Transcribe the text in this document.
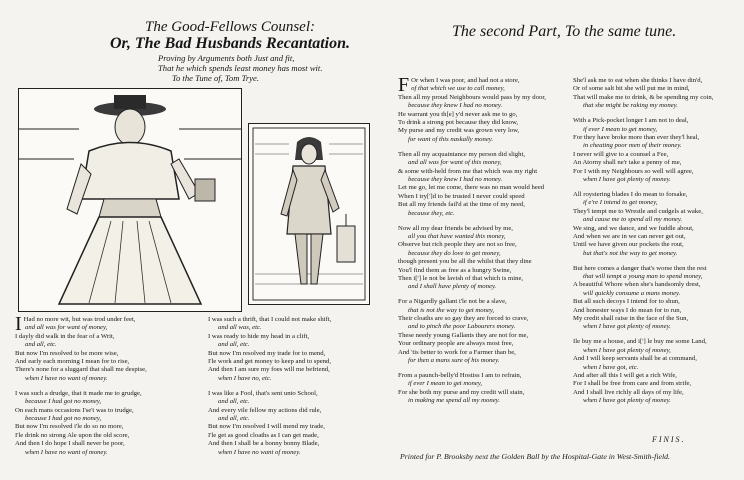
The Good-Fellows Counsel:
Or, The Bad Husbands Recantation.
Proving by Arguments both Just and fit,
That he which spends least money has most wit.
To the Tune of, Tom Trye.
I Had no more wit, but was trod under feet,
and all was for want of money,
I dayly did walk in the fear of a Writ,
and all, etc.
But now I'm resolved to be more wise,
And early each morning I mean for to rise,
There's none for a sluggard that shall me despise,
when I have no want of money.
I was such a drudge, that it made me to grudge,
because I had got no money,
On each mans occasions I'se't was to trudge,
because I had got no money,
But now I'm resolved i'le do so no more,
I'le drink no strong Ale upon the old score,
And then I do hope I shall never be poor,
when I have no want of money.
I was such a thrift, that I could not make shift,
and all was, etc.
I was ready to hide my head in a clift,
and all, etc.
But now I'm resolved my trade for to mend,
I'le work and get money to keep and to spend,
And then I am sure my foes will me befriend,
when I have no, etc.
I was like a Fool, that's sent unto School,
and all, etc.
And every vile fellow my actions did rule,
and all, etc.
But now I'm resolved I will mend my trade,
I'le get as good cloaths as I can get made,
And then I shall be a bonny bonny Blade,
when I have no want of money.
The second Part, To the same tune.
F Or when I was poor, and had not a store,
of that which we use to call money,
Then all my proud Neighbours would pass by my door,
because they knew I had no money.
He warrant you th[e] y'd never ask me to go,
To drink a strong pot because they did know,
My purse and my credit was grown very low,
for want of this naskally money.
Then all my acquaintance my person did slight,
and all was for want of this money,
& some with-held from me that which was my right
because they knew I had no money.
Let me go, let me come, there was no man would heed
When I try[']d to be trusted I never could speed
But all my friends fail'd at the time of my need,
because they, etc.
Now all my dear friends be advised by me,
all you that have wanted this money,
Observe but rich people they are not so free,
because they do love to get money,
though present you be all the whilst that they dine
You'l find them as free as a hungry Swine,
Then i['] le not be lavish of that which is mine,
and I shall have plenty of money.
For a Nigardly gallant i'le not be a slave,
that is not the way to get money,
Their cloaths are so gay they are forced to crave,
and to pinch the poor Labourers money.
These needy young Gallants they are not for me,
Your ordinary people are always most free,
And 'tis better to work for a Farmer than be,
for then a mans sure of his money.
From a paunch-belly'd Hostiss I am to refrain,
if ever I mean to get money,
For she both my purse and my credit will stain,
in making me spend all my money.
She'l ask me to eat when she thinks I have din'd,
Or of some salt bit she will put me in mind,
That will make me to drink, & be spending my coin,
that she might be raking my money.
With a Pick-pocket longer I am not to deal,
if ever I mean to get money,
For they have broke more than ever they'l heal,
in cheating poor men of their money.
I never will give to a counsel a Fee,
An Atorny shall ne'r take a penny of me,
For I with my Neighbours so well will agree,
when I have got plenty of money.
All roystering blades I do mean to forsake,
if e're I intend to get money,
They'l tempt me to Wrestle and cudgels at wake,
and cause me to spend all my money.
We sing, and we dance, and we fuddle about,
And when we are in we can never get out,
Until we have given our pockets the rout,
but that's not the way to get money.
But here comes a danger that's worse then the rest
that will tempt a young man to spend money,
A beautiful Whore when she's handsomly drest,
will quickly consume a mans money.
But all such decoys I intend for to shun,
And honester ways I do mean for to run,
My credit shall raise in the face of the Sun,
when I have got plenty of money.
Ile buy me a house, and i['] le buy me some Land,
when I have got plenty of money,
And I will keep servants shall be at command,
when I have got, etc.
And after all this I will get a rich Wife,
For I shall be free from care and from strife,
And I shall live richly all days of my life,
when I have got plenty of money.
FINIS.
Printed for P. Brooksby next the Golden Ball by the Hospital-Gate in West-Smith-field.
